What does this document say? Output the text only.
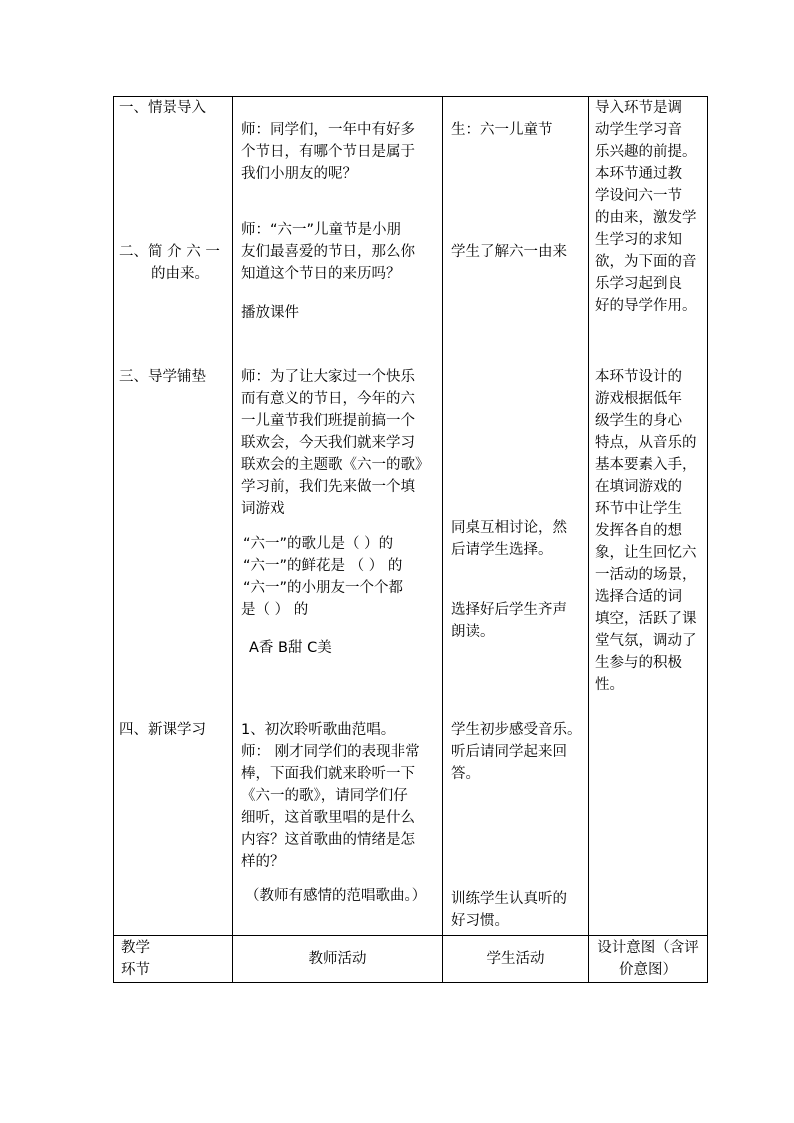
一、情景导入
二、简 介 六 一
的由来。
三、导学铺垫
四、新课学习
师：同学们，一年中有好多
个节日，有哪个节日是属于
我们小朋友的呢？
师：“六一”儿童节是小朋
友们最喜爱的节日，那么你
知道这个节日的来历吗？
播放课件
师：为了让大家过一个快乐
而有意义的节日，今年的六
一儿童节我们班提前搞一个
联欢会，今天我们就来学习
联欢会的主题歌《六一的歌》
学习前，我们先来做一个填
词游戏
“六一”的歌儿是（ ）的
“六一”的鲜花是 （ ） 的
“六一”的小朋友一个个都
是（ ） 的
A香 B甜 C美
1、初次聆听歌曲范唱。
师： 刚才同学们的表现非常
棒，下面我们就来聆听一下
《六一的歌》，请同学们仔
细听，这首歌里唱的是什么
内容？这首歌曲的情绪是怎
样的？
（教师有感情的范唱歌曲。）
生：六一儿童节
学生了解六一由来
同桌互相讨论，然
后请学生选择。
选择好后学生齐声
朗读。
学生初步感受音乐。
听后请同学起来回
答。
训练学生认真听的
好习惯。
导入环节是调
动学生学习音
乐兴趣的前提。
本环节通过教
学设问六一节
的由来，激发学
生学习的求知
欲，为下面的音
乐学习起到良
好的导学作用。
本环节设计的
游戏根据低年
级学生的身心
特点，从音乐的
基本要素入手，
在填词游戏的
环节中让学生
发挥各自的想
象，让生回忆六
一活动的场景，
选择合适的词
填空，活跃了课
堂气氛，调动了
生参与的积极
性。
教学
环节
教师活动	学生活动
设计意图（含评
价意图）
